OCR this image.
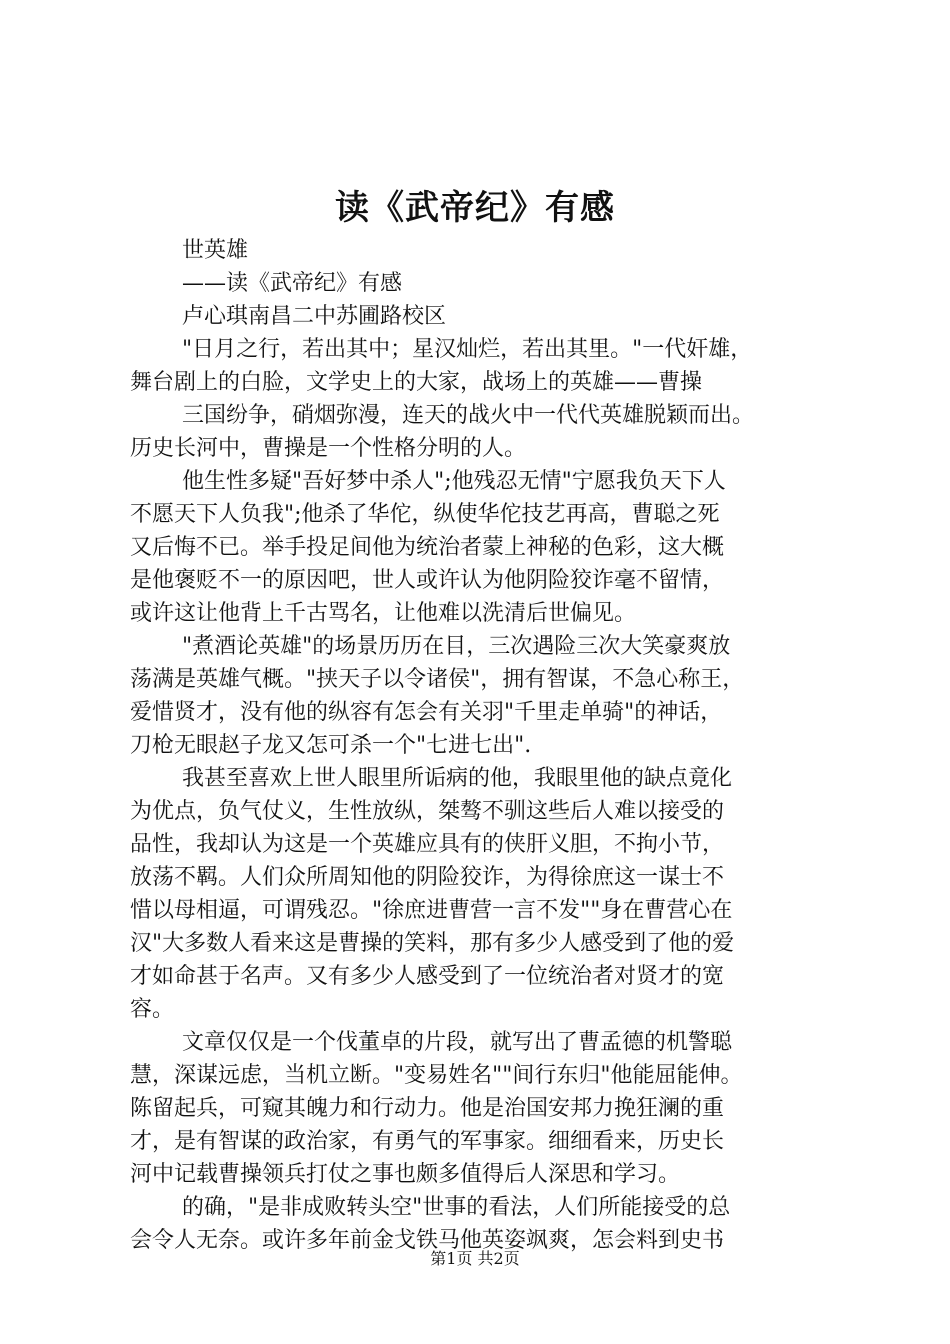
读《武帝纪》有感
世英雄
——读《武帝纪》有感
卢心琪南昌二中苏圃路校区
"日月之行，若出其中；星汉灿烂，若出其里。"一代奸雄，
舞台剧上的白脸，文学史上的大家，战场上的英雄——曹操
三国纷争，硝烟弥漫，连天的战火中一代代英雄脱颖而出。
历史长河中，曹操是一个性格分明的人。
他生性多疑"吾好梦中杀人";他残忍无情"宁愿我负天下人
不愿天下人负我";他杀了华佗，纵使华佗技艺再高，曹聪之死
又后悔不已。举手投足间他为统治者蒙上神秘的色彩，这大概
是他褒贬不一的原因吧，世人或许认为他阴险狡诈毫不留情，
或许这让他背上千古骂名，让他难以洗清后世偏见。
"煮酒论英雄"的场景历历在目，三次遇险三次大笑豪爽放
荡满是英雄气概。"挟天子以令诸侯"，拥有智谋，不急心称王，
爱惜贤才，没有他的纵容有怎会有关羽"千里走单骑"的神话，
刀枪无眼赵子龙又怎可杀一个"七进七出".
我甚至喜欢上世人眼里所诟病的他，我眼里他的缺点竟化
为优点，负气仗义，生性放纵，桀骜不驯这些后人难以接受的
品性，我却认为这是一个英雄应具有的侠肝义胆，不拘小节，
放荡不羁。人们众所周知他的阴险狡诈，为得徐庶这一谋士不
惜以母相逼，可谓残忍。"徐庶进曹营一言不发""身在曹营心在
汉"大多数人看来这是曹操的笑料，那有多少人感受到了他的爱
才如命甚于名声。又有多少人感受到了一位统治者对贤才的宽
容。
文章仅仅是一个伐董卓的片段，就写出了曹孟德的机警聪
慧，深谋远虑，当机立断。"变易姓名""间行东归"他能屈能伸。
陈留起兵，可窥其魄力和行动力。他是治国安邦力挽狂澜的重
才，是有智谋的政治家，有勇气的军事家。细细看来，历史长
河中记载曹操领兵打仗之事也颇多值得后人深思和学习。
的确，"是非成败转头空"世事的看法，人们所能接受的总
会令人无奈。或许多年前金戈铁马他英姿飒爽，怎会料到史书
第1页 共2页
